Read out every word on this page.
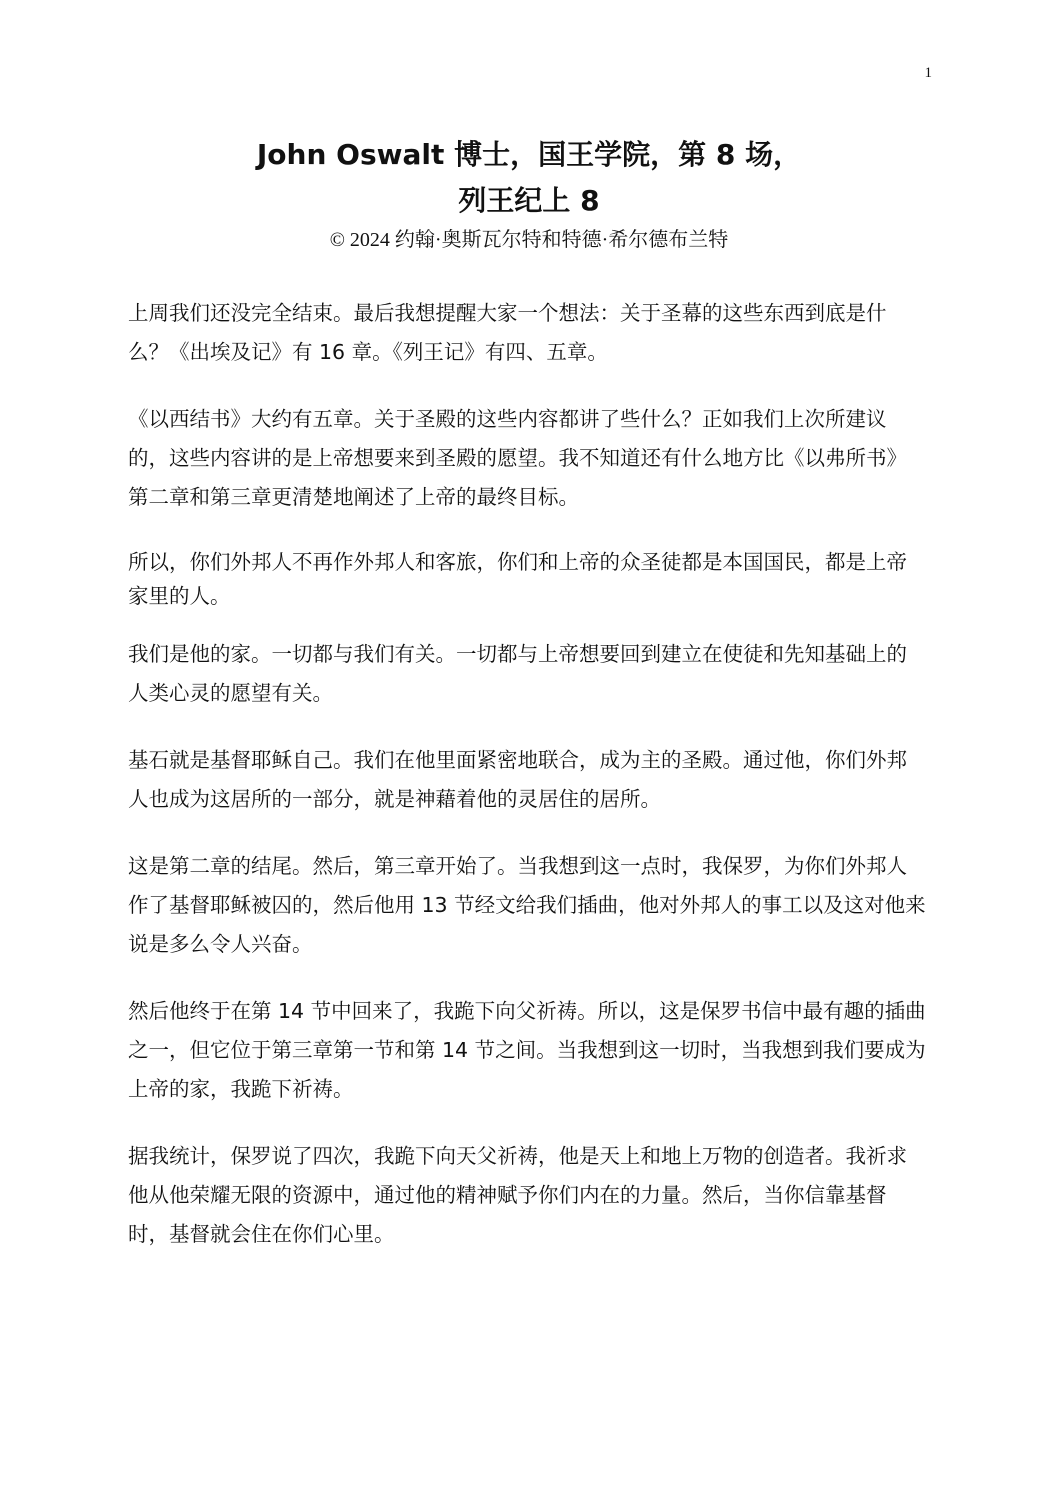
1
John Oswalt 博士，国王学院，第 8 场，
列王纪上 8
© 2024 约翰·奥斯瓦尔特和特德·希尔德布兰特

上周我们还没完全结束。最后我想提醒大家一个想法：关于圣幕的这些东西到底是什么？《出埃及记》有 16 章。《列王记》有四、五章。

《以西结书》大约有五章。关于圣殿的这些内容都讲了些什么？正如我们上次所建议的，这些内容讲的是上帝想要来到圣殿的愿望。我不知道还有什么地方比《以弗所书》第二章和第三章更清楚地阐述了上帝的最终目标。

所以，你们外邦人不再作外邦人和客旅，你们和上帝的众圣徒都是本国国民，都是上帝家里的人。

我们是他的家。一切都与我们有关。一切都与上帝想要回到建立在使徒和先知基础上的人类心灵的愿望有关。

基石就是基督耶稣自己。我们在他里面紧密地联合，成为主的圣殿。通过他，你们外邦人也成为这居所的一部分，就是神藉着他的灵居住的居所。

这是第二章的结尾。然后，第三章开始了。当我想到这一点时，我保罗，为你们外邦人作了基督耶稣被囚的，然后他用 13 节经文给我们插曲，他对外邦人的事工以及这对他来说是多么令人兴奋。

然后他终于在第 14 节中回来了，我跪下向父祈祷。所以，这是保罗书信中最有趣的插曲之一，但它位于第三章第一节和第 14 节之间。当我想到这一切时，当我想到我们要成为上帝的家，我跪下祈祷。

据我统计，保罗说了四次，我跪下向天父祈祷，他是天上和地上万物的创造者。我祈求他从他荣耀无限的资源中，通过他的精神赋予你们内在的力量。然后，当你信靠基督时，基督就会住在你们心里。
